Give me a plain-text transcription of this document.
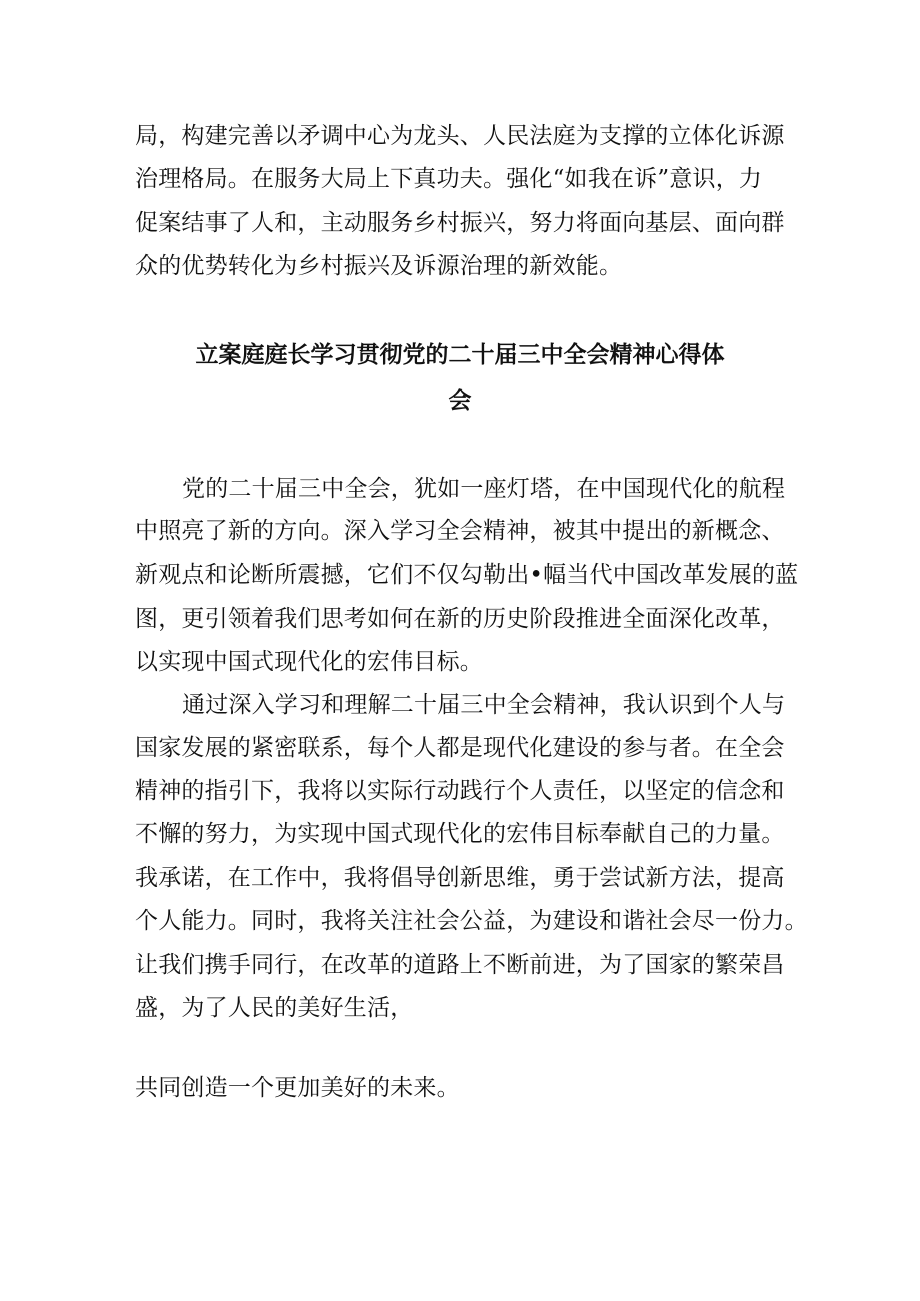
局，构建完善以矛调中心为龙头、人民法庭为支撑的立体化诉源
治理格局。在服务大局上下真功夫。强化“如我在诉”意识，力
促案结事了人和，主动服务乡村振兴，努力将面向基层、面向群
众的优势转化为乡村振兴及诉源治理的新效能。
立案庭庭长学习贯彻党的二十届三中全会精神心得体
会
党的二十届三中全会，犹如一座灯塔，在中国现代化的航程
中照亮了新的方向。深入学习全会精神，被其中提出的新概念、
新观点和论断所震撼，它们不仅勾勒出•幅当代中国改革发展的蓝
图，更引领着我们思考如何在新的历史阶段推进全面深化改革，
以实现中国式现代化的宏伟目标。
通过深入学习和理解二十届三中全会精神，我认识到个人与
国家发展的紧密联系，每个人都是现代化建设的参与者。在全会
精神的指引下，我将以实际行动践行个人责任，以坚定的信念和
不懈的努力，为实现中国式现代化的宏伟目标奉献自己的力量。
我承诺，在工作中，我将倡导创新思维，勇于尝试新方法，提高
个人能力。同时，我将关注社会公益，为建设和谐社会尽一份力。
让我们携手同行，在改革的道路上不断前进，为了国家的繁荣昌
盛，为了人民的美好生活，
共同创造一个更加美好的未来。
